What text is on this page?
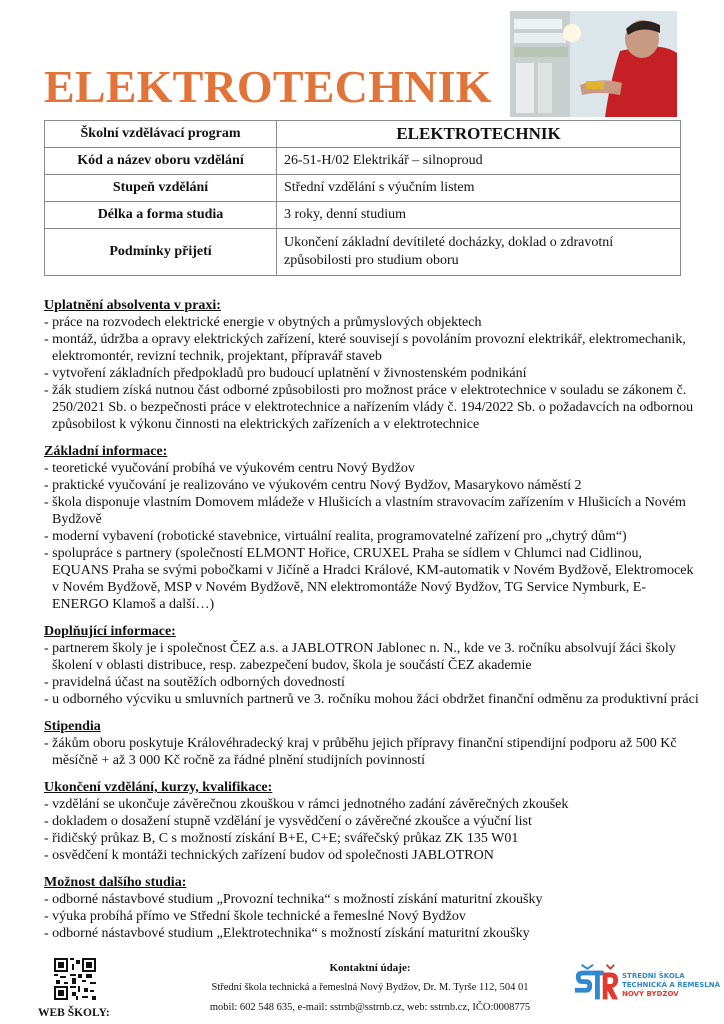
ELEKTROTECHNIK
Školní vzdělávací program	ELEKTROTECHNIK
Kód a název oboru vzdělání	26-51-H/02 Elektrikář – silnoproud
Stupeň vzdělání	Střední vzdělání s výučním listem
Délka a forma studia	3 roky, denní studium
Podmínky přijetí	Ukončení základní devítileté docházky, doklad o zdravotní způsobilosti pro studium oboru
Uplatnění absolventa v praxi:
- práce na rozvodech elektrické energie v obytných a průmyslových objektech
- montáž, údržba a opravy elektrických zařízení, které souvisejí s povoláním provozní elektrikář, elektromechanik, elektromontér, revizní technik, projektant, přípravář staveb
- vytvoření základních předpokladů pro budoucí uplatnění v živnostenském podnikání
- žák studiem získá nutnou část odborné způsobilosti pro možnost práce v elektrotechnice v souladu se zákonem č. 250/2021 Sb. o bezpečnosti práce v elektrotechnice a nařízením vlády č. 194/2022 Sb. o požadavcích na odbornou způsobilost k výkonu činnosti na elektrických zařízeních a v elektrotechnice
Základní informace:
- teoretické vyučování probíhá ve výukovém centru Nový Bydžov
- praktické vyučování je realizováno ve výukovém centru Nový Bydžov, Masarykovo náměstí 2
- škola disponuje vlastním Domovem mládeže v Hlušicích a vlastním stravovacím zařízením v Hlušicích a Novém Bydžově
- moderní vybavení (robotické stavebnice, virtuální realita, programovatelné zařízení pro „chytrý dům“)
- spolupráce s partnery (společností ELMONT Hořice, CRUXEL Praha se sídlem v Chlumci nad Cidlinou, EQUANS Praha se svými pobočkami v Jičíně a Hradci Králové, KM-automatik v Novém Bydžově, Elektromocek v Novém Bydžově, MSP v Novém Bydžově, NN elektromontáže Nový Bydžov, TG Service Nymburk, E-ENERGO Klamoš a další…)
Doplňující informace:
- partnerem školy je i společnost ČEZ a.s. a JABLOTRON Jablonec n. N., kde ve 3. ročníku absolvují žáci školy školení v oblasti distribuce, resp. zabezpečení budov, škola je součástí ČEZ akademie
- pravidelná účast na soutěžích odborných dovedností
- u odborného výcviku u smluvních partnerů ve 3. ročníku mohou žáci obdržet finanční odměnu za produktivní práci
Stipendia
- žákům oboru poskytuje Královéhradecký kraj v průběhu jejich přípravy finanční stipendijní podporu až 500 Kč měsíčně + až 3 000 Kč ročně za řádné plnění studijních povinností
Ukončení vzdělání, kurzy, kvalifikace:
- vzdělání se ukončuje závěrečnou zkouškou v rámci jednotného zadání závěrečných zkoušek
- dokladem o dosažení stupně vzdělání je vysvědčení o závěrečné zkoušce a výuční list
- řidičský průkaz B, C s možností získání B+E, C+E; svářečský průkaz ZK 135 W01
- osvědčení k montáži technických zařízení budov od společnosti JABLOTRON
Možnost dalšího studia:
- odborné nástavbové studium „Provozní technika“ s možností získání maturitní zkoušky
- výuka probíhá přímo ve Střední škole technické a řemeslné Nový Bydžov
- odborné nástavbové studium „Elektrotechnika“ s možností získání maturitní zkoušky
WEB ŠKOLY:
Kontaktní údaje:
Střední škola technická a řemeslná Nový Bydžov, Dr. M. Tyrše 112, 504 01
mobil: 602 548 635, e-mail: sstrnb@sstrnb.cz, web: sstrnb.cz, IČO:0008775
STŘEDNÍ ŠKOLA
TECHNICKÁ A ŘEMESLNÁ
NOVÝ BYDŽOV
